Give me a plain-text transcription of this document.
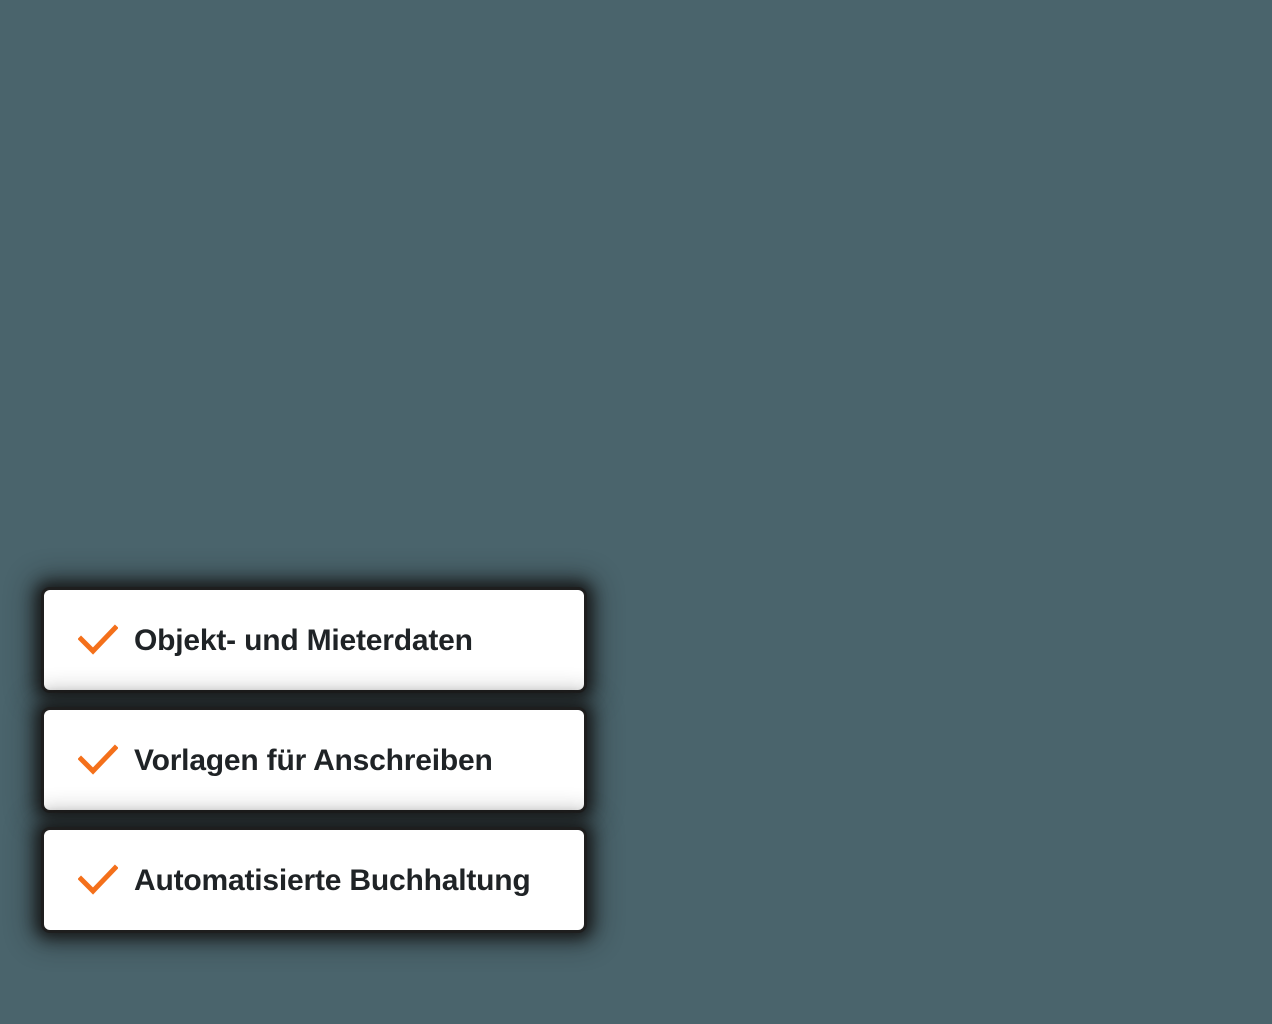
Objekt- und Mieterdaten
Vorlagen für Anschreiben
Automatisierte Buchhaltung
